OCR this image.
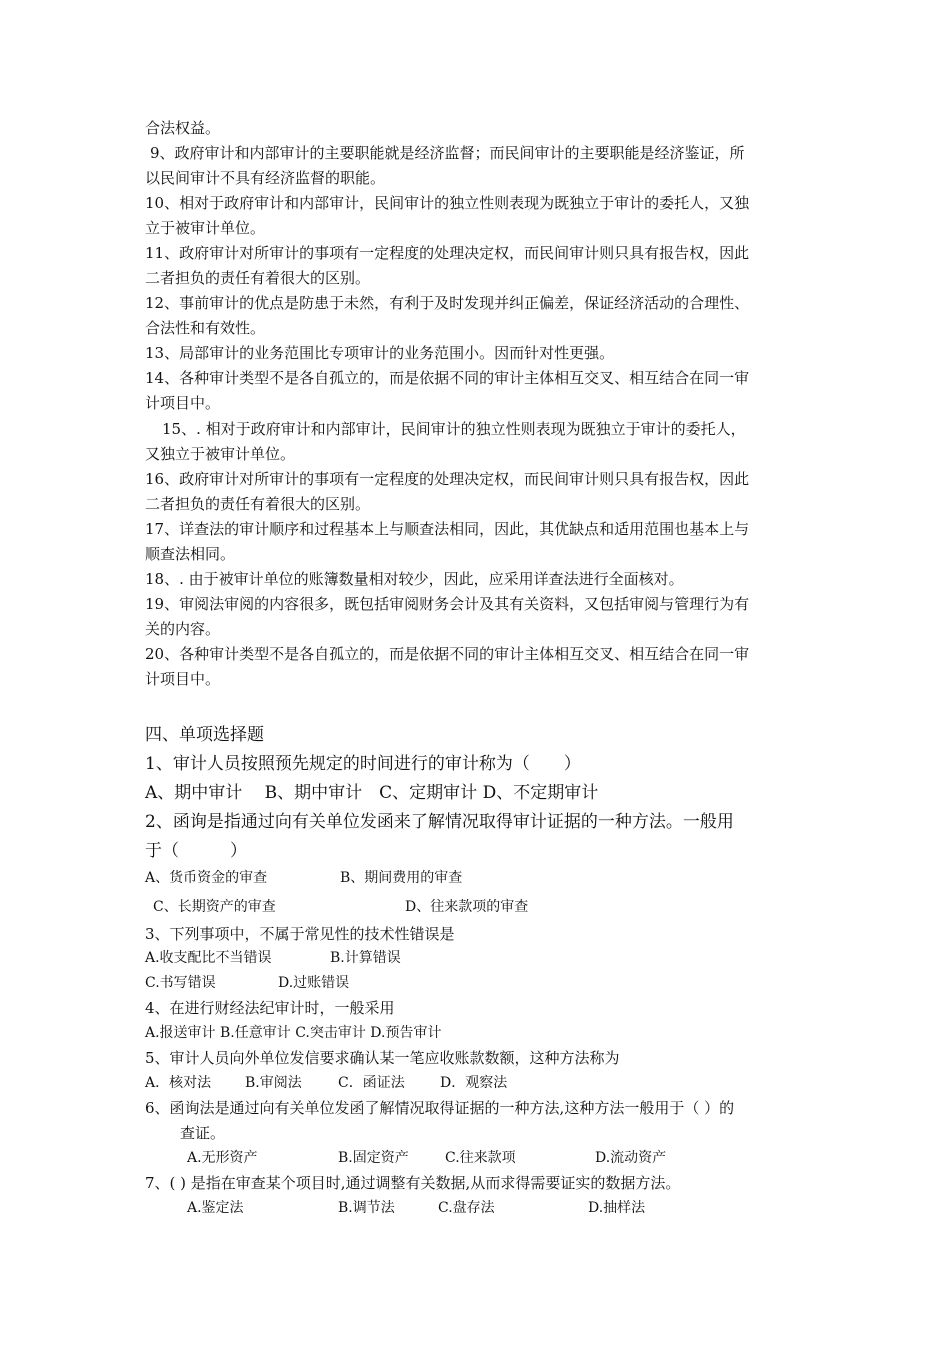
合法权益。
9、政府审计和内部审计的主要职能就是经济监督；而民间审计的主要职能是经济鉴证，所
以民间审计不具有经济监督的职能。
10、相对于政府审计和内部审计，民间审计的独立性则表现为既独立于审计的委托人，又独
立于被审计单位。
11、政府审计对所审计的事项有一定程度的处理决定权，而民间审计则只具有报告权，因此
二者担负的责任有着很大的区别。
12、事前审计的优点是防患于未然，有利于及时发现并纠正偏差，保证经济活动的合理性、
合法性和有效性。
13、局部审计的业务范围比专项审计的业务范围小。因而针对性更强。
14、各种审计类型不是各自孤立的，而是依据不同的审计主体相互交叉、相互结合在同一审
计项目中。
15、. 相对于政府审计和内部审计，民间审计的独立性则表现为既独立于审计的委托人，
又独立于被审计单位。
16、政府审计对所审计的事项有一定程度的处理决定权，而民间审计则只具有报告权，因此
二者担负的责任有着很大的区别。
17、详查法的审计顺序和过程基本上与顺查法相同，因此，其优缺点和适用范围也基本上与
顺查法相同。
18、. 由于被审计单位的账簿数量相对较少，因此，应采用详查法进行全面核对。
19、审阅法审阅的内容很多，既包括审阅财务会计及其有关资料，又包括审阅与管理行为有
关的内容。
20、各种审计类型不是各自孤立的，而是依据不同的审计主体相互交叉、相互结合在同一审
计项目中。
四、单项选择题
1、审计人员按照预先规定的时间进行的审计称为（　　）
A、期中审计　 B、期中审计　C、定期审计 D、不定期审计
2、函询是指通过向有关单位发函来了解情况取得审计证据的一种方法。一般用
于（　　　）
A、货币资金的审查	B、期间费用的审查
C、长期资产的审查	D、往来款项的审查
3、下列事项中，不属于常见性的技术性错误是
A.收支配比不当错误	B.计算错误
C.书写错误	D.过账错误
4、在进行财经法纪审计时，一般采用
A.报送审计 B.任意审计 C.突击审计 D.预告审计
5、审计人员向外单位发信要求确认某一笔应收账款数额，这种方法称为
A．核对法 B.审阅法	C．函证法	D．观察法
6、函询法是通过向有关单位发函了解情况取得证据的一种方法,这种方法一般用于（ ）的
查证。
A.无形资产	B.固定资产	C.往来款项	D.流动资产
7、( ) 是指在审查某个项目时,通过调整有关数据,从而求得需要证实的数据方法。
A.鉴定法	B.调节法	C.盘存法	D.抽样法
